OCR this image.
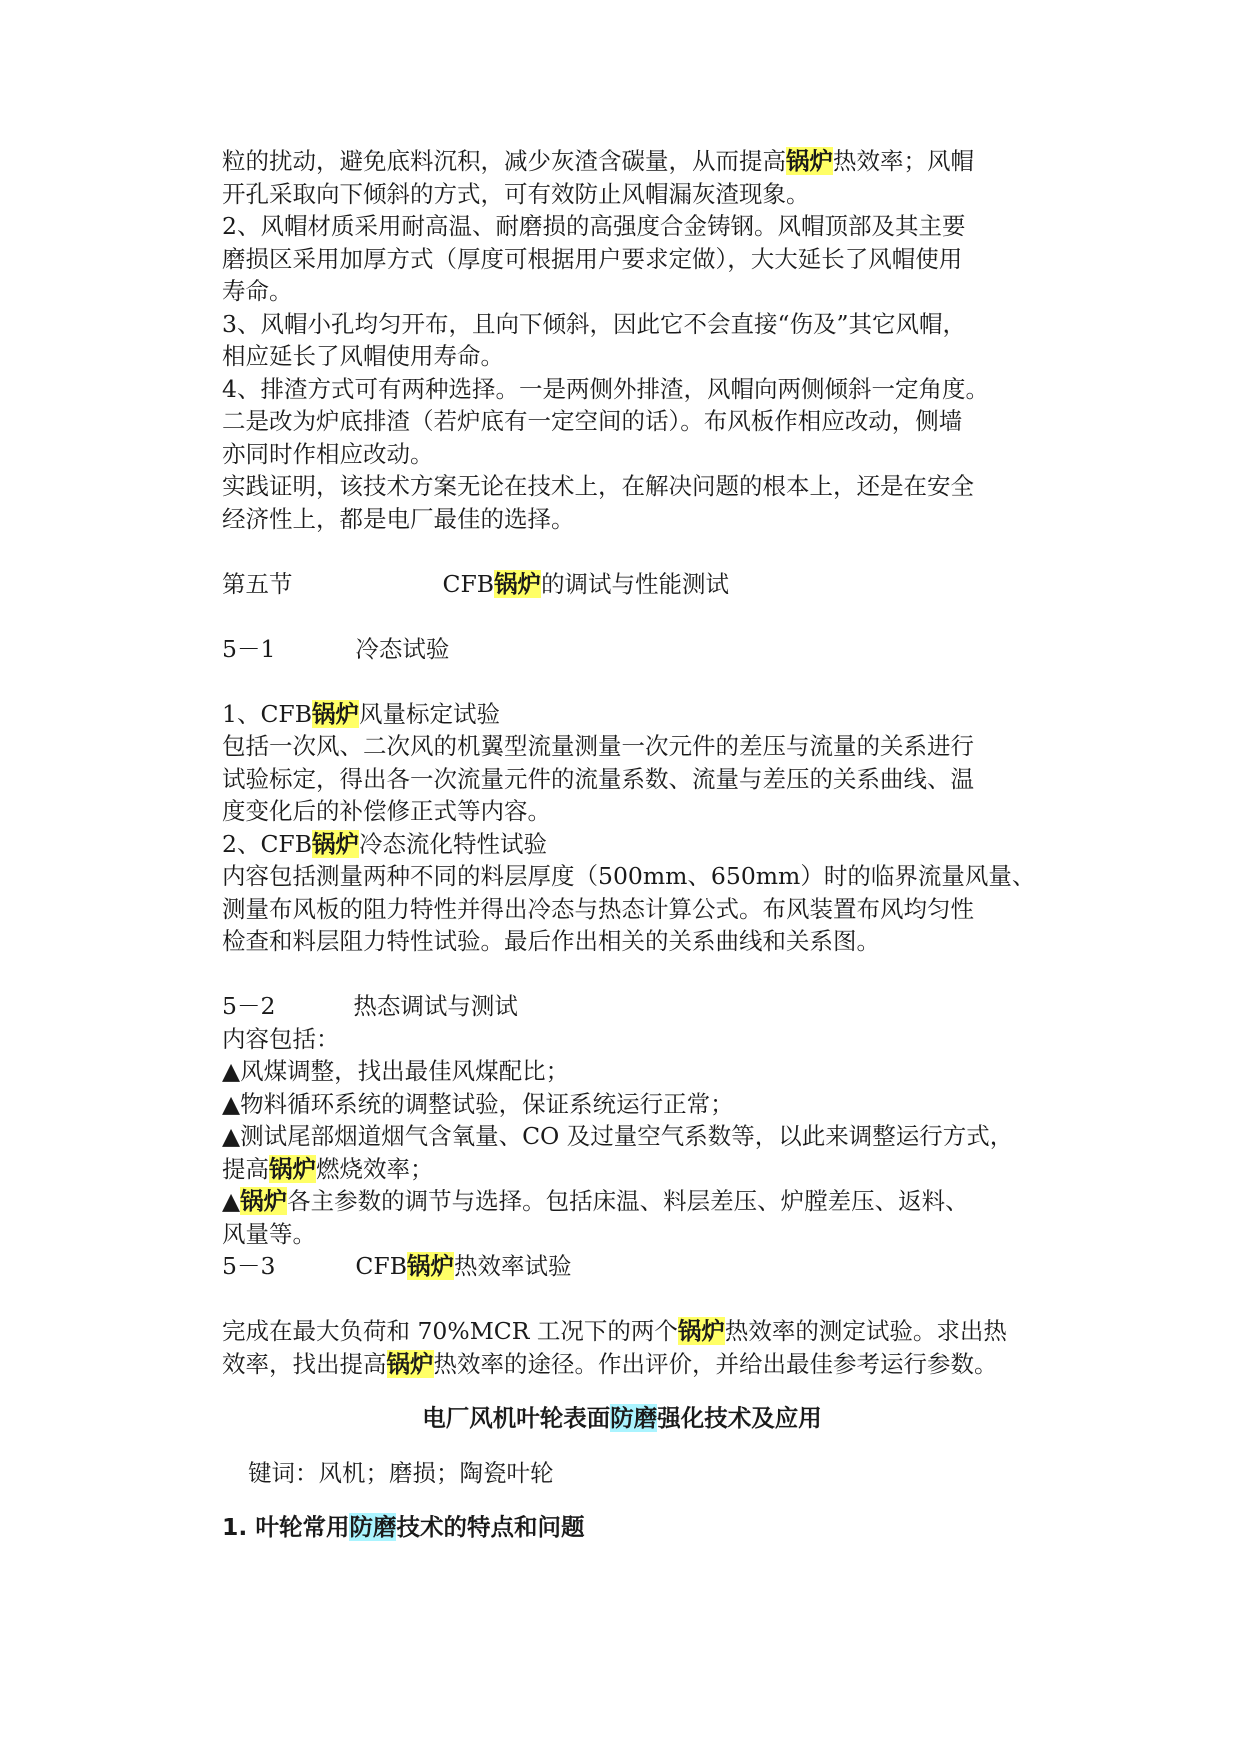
粒的扰动，避免底料沉积，减少灰渣含碳量，从而提高锅炉热效率；风帽
开孔采取向下倾斜的方式，可有效防止风帽漏灰渣现象。
2、风帽材质采用耐高温、耐磨损的高强度合金铸钢。风帽顶部及其主要
磨损区采用加厚方式（厚度可根据用户要求定做），大大延长了风帽使用
寿命。
3、风帽小孔均匀开布，且向下倾斜，因此它不会直接“伤及”其它风帽，
相应延长了风帽使用寿命。
4、排渣方式可有两种选择。一是两侧外排渣，风帽向两侧倾斜一定角度。
二是改为炉底排渣（若炉底有一定空间的话）。布风板作相应改动，侧墙
亦同时作相应改动。
实践证明，该技术方案无论在技术上，在解决问题的根本上，还是在安全
经济性上，都是电厂最佳的选择。
第五节	CFB锅炉的调试与性能测试
5－1	冷态试验
1、CFB锅炉风量标定试验
包括一次风、二次风的机翼型流量测量一次元件的差压与流量的关系进行
试验标定，得出各一次流量元件的流量系数、流量与差压的关系曲线、温
度变化后的补偿修正式等内容。
2、CFB锅炉冷态流化特性试验
内容包括测量两种不同的料层厚度（500mm、650mm）时的临界流量风量、
测量布风板的阻力特性并得出冷态与热态计算公式。布风装置布风均匀性
检查和料层阻力特性试验。最后作出相关的关系曲线和关系图。
5－2	热态调试与测试
内容包括：
▲风煤调整，找出最佳风煤配比；
▲物料循环系统的调整试验，保证系统运行正常；
▲测试尾部烟道烟气含氧量、CO 及过量空气系数等，以此来调整运行方式，
提高锅炉燃烧效率；
▲锅炉各主参数的调节与选择。包括床温、料层差压、炉膛差压、返料、
风量等。
5－3	CFB锅炉热效率试验
完成在最大负荷和 70%MCR 工况下的两个锅炉热效率的测定试验。求出热
效率，找出提高锅炉热效率的途径。作出评价，并给出最佳参考运行参数。
电厂风机叶轮表面防磨强化技术及应用
键词：风机；磨损；陶瓷叶轮
1. 叶轮常用防磨技术的特点和问题
